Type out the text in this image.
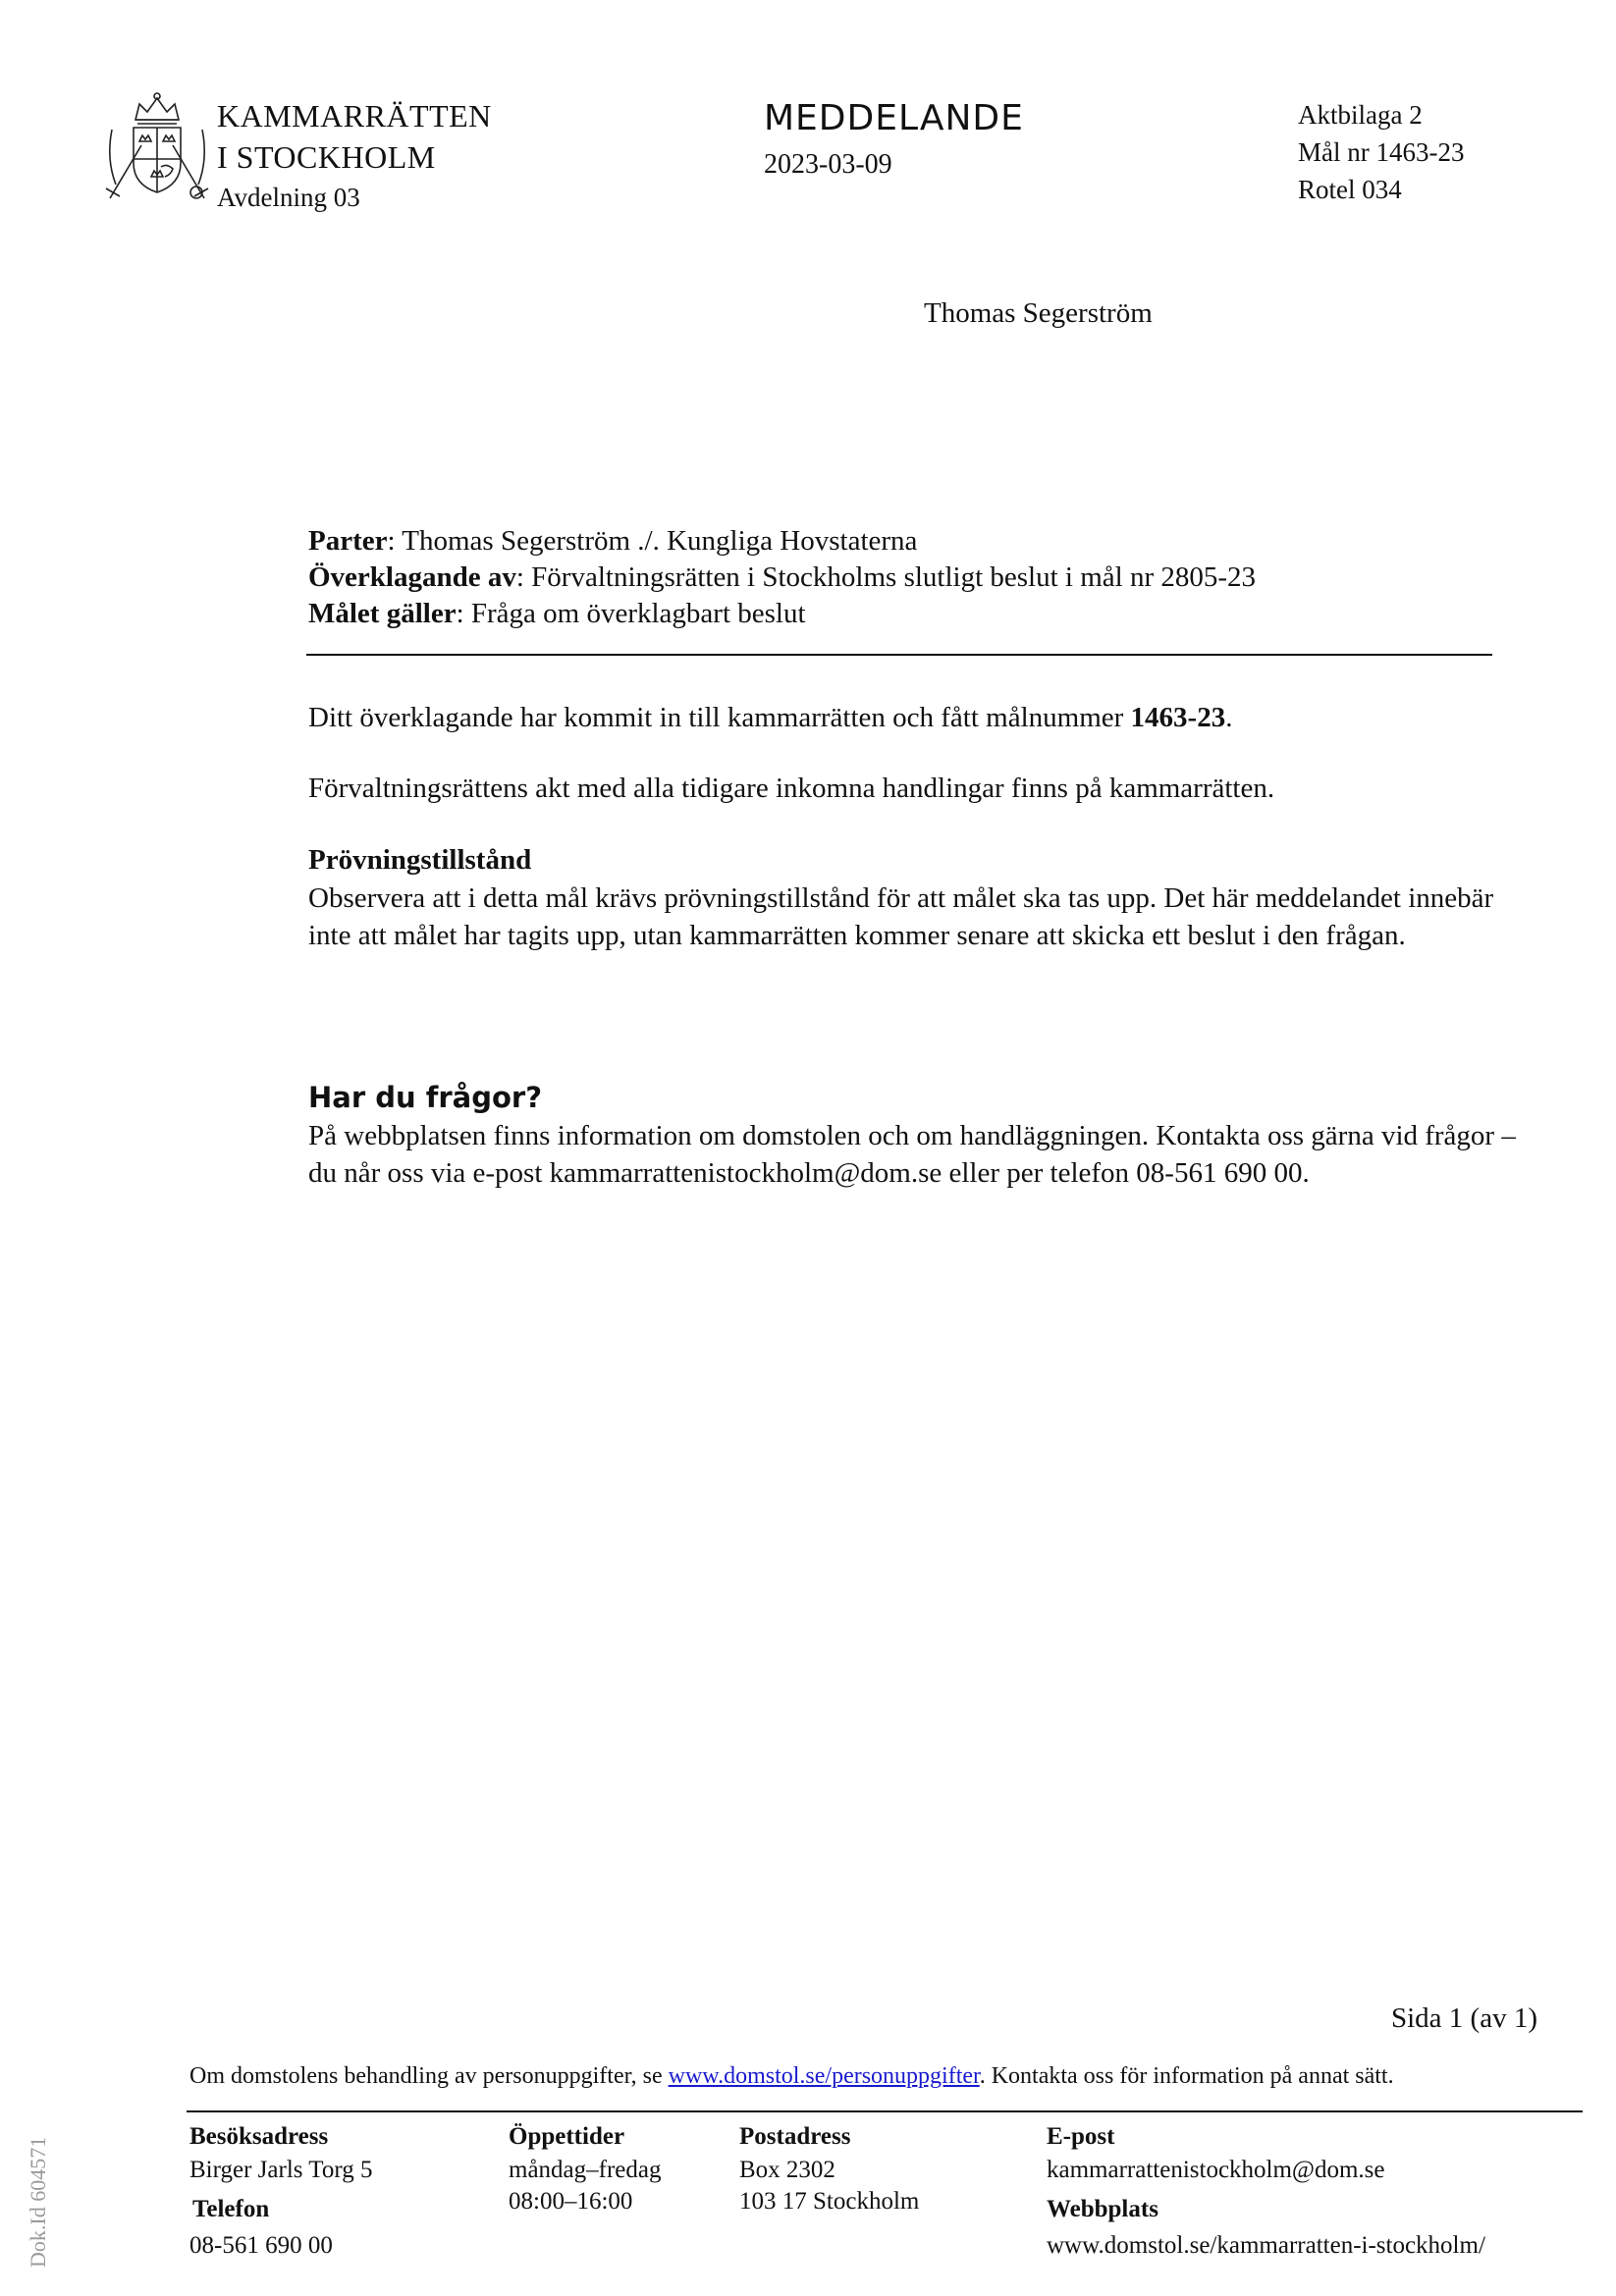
KAMMARRÄTTEN
I STOCKHOLM
Avdelning 03
MEDDELANDE
2023-03-09
Aktbilaga 2
Mål nr 1463-23
Rotel 034
Thomas Segerström
Parter: Thomas Segerström ./. Kungliga Hovstaterna
Överklagande av: Förvaltningsrätten i Stockholms slutligt beslut i mål nr 2805-23
Målet gäller: Fråga om överklagbart beslut
Ditt överklagande har kommit in till kammarrätten och fått målnummer 1463-23.
Förvaltningsrättens akt med alla tidigare inkomna handlingar finns på kammarrätten.
Prövningstillstånd
Observera att i detta mål krävs prövningstillstånd för att målet ska tas upp. Det här meddelandet innebär inte att målet har tagits upp, utan kammarrätten kommer senare att skicka ett beslut i den frågan.
Har du frågor?
På webbplatsen finns information om domstolen och om handläggningen. Kontakta oss gärna vid frågor – du når oss via e-post kammarrattenistockholm@dom.se eller per telefon 08-561 690 00.
Sida 1 (av 1)
Om domstolens behandling av personuppgifter, se www.domstol.se/personuppgifter. Kontakta oss för information på annat sätt.
Besöksadress
Birger Jarls Torg 5
Telefon
08-561 690 00
Öppettider
måndag–fredag
08:00–16:00
Postadress
Box 2302
103 17 Stockholm
E-post
kammarrattenistockholm@dom.se
Webbplats
www.domstol.se/kammarratten-i-stockholm/
Dok.Id 604571
